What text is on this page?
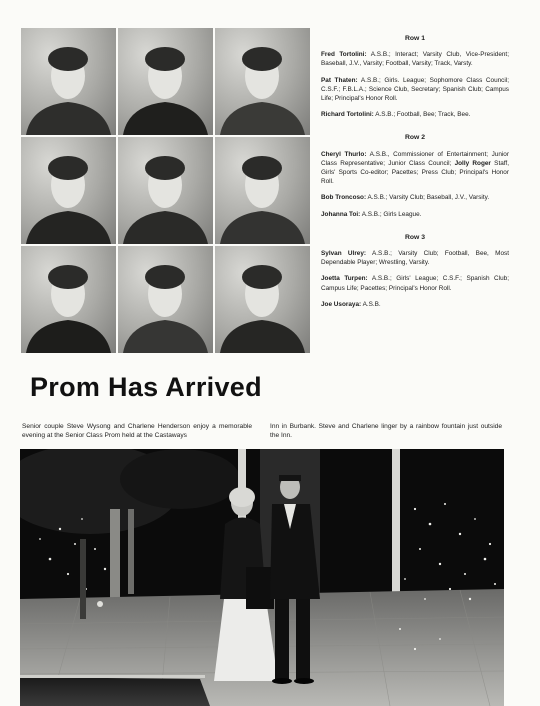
Row 1
Fred Tortolini: A.S.B.; Interact; Varsity Club, Vice-President; Baseball, J.V., Varsity; Football, Varsity; Track, Varsty.
Pat Thaten: A.S.B.; Girls. League; Sophomore Class Council; C.S.F.; F.B.L.A.; Science Club, Secretary; Spanish Club; Campus Life; Principal's Honor Roll.
Richard Tortolini: A.S.B.; Football, Bee; Track, Bee.
Row 2
Cheryl Thurlo: A.S.B., Commissioner of Entertainment; Junior Class Representative; Junior Class Council; Jolly Roger Staff, Girls' Sports Co-editor; Pacettes; Press Club; Principal's Honor Roll.
Bob Troncoso: A.S.B.; Varsity Club; Baseball, J.V., Varsity.
Johanna Toi: A.S.B.; Girls League.
Row 3
Sylvan Ulrey: A.S.B.; Varsity Club; Football, Bee, Most Dependable Player; Wrestling, Varsity.
Joetta Turpen: A.S.B.; Girls' League; C.S.F.; Spanish Club; Campus Life; Pacettes; Principal's Honor Roll.
Joe Usoraya: A.S.B.
Prom Has Arrived
Senior couple Steve Wysong and Charlene Henderson enjoy a memorable evening at the Senior Class Prom held at the Castaways
Inn in Burbank. Steve and Charlene linger by a rainbow fountain just outside the Inn.
